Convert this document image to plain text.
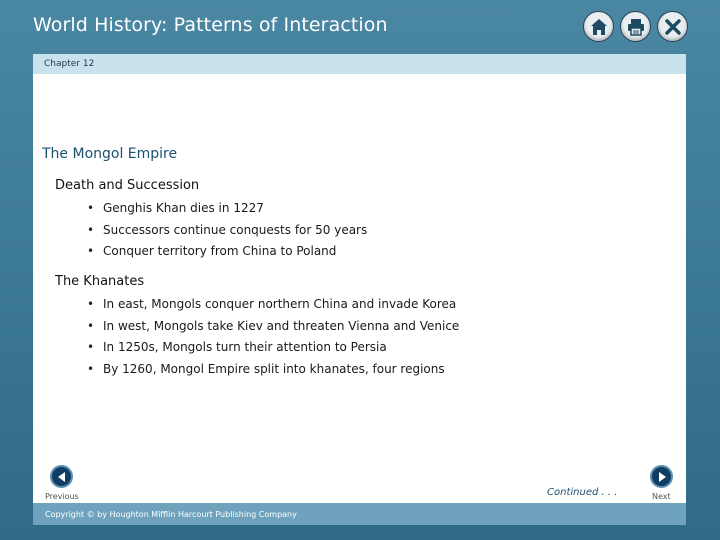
World History: Patterns of Interaction
Chapter 12
The Mongol Empire
Death and Succession
• Genghis Khan dies in 1227
• Successors continue conquests for 50 years
• Conquer territory from China to Poland
The Khanates
• In east, Mongols conquer northern China and invade Korea
• In west, Mongols take Kiev and threaten Vienna and Venice
• In 1250s, Mongols turn their attention to Persia
• By 1260, Mongol Empire split into khanates, four regions
Previous	Continued . . .	Next
Copyright © by Houghton Mifflin Harcourt Publishing Company
